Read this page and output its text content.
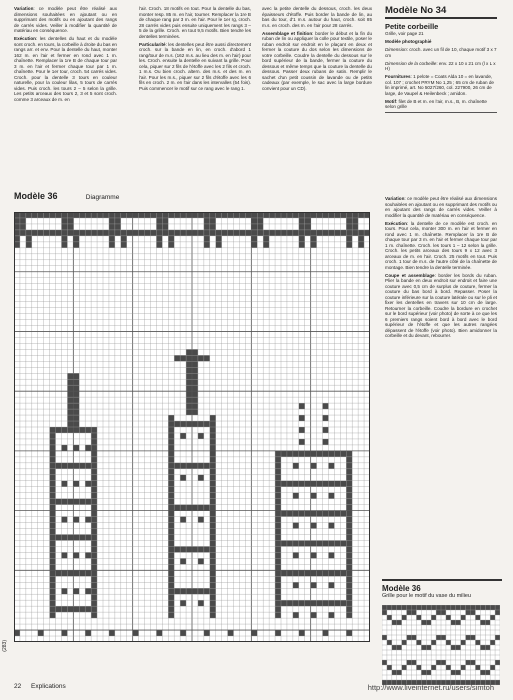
Variation: ce modèle peut être réalisé aux dimensions souhaitées en ajoutant ou en supprimant des motifs ou en ajoutant des rangs de carrés vides. Veiller à modifier la quantité de matériau en conséquence.

Exécution: les dentelles du haut et du modèle sont croch. en tours, la corbeille à droite du bas en rangs arr. et env. Pour la dentelle du haut, monter 162 m. en l'air et fermer en rond avec 1 m. chaînette. Remplacer la 1re B de chaque tour par 3 m. en l'air et fermer chaque tour par 1 m. chaînette. Pour le 1er tour, croch. 54 carrés vides. Croch. pour la dentelle 3 tours en couleur naturelle, pour la couleur lilas, 5 tours de carrés vides. Puis croch. les tours 2 – 5 selon la grille. Les petits arceaux des tours 2, 3 et 5 sont croch. comme 3 arceaux de m. en

l'air. Croch. 18 motifs en tout. Pour la dentelle du bas, monter resp. 85 m. en l'air, tourner. Remplacer la 1re B de chaque rang par 3 m. en l'air. Pour le 1er rg, croch. 28 carrés vides puis ensuite uniquement les rangs 3 – 5 de la grille. Croch. en tout 9,5 motifs. Bien tendre les dentelles terminées.

Particularité: les dentelles peut être aussi directement croch. sur la bande en lin, en croch. d'abord 1 rang/tour de m.s. (162 m.s. au lieu des m. en l'air) pour les. Croch. ensuite la dentelle en suivant la grille. Pour cela, piquer sur 2 fils de l'étoffe avec les 2 fils et croch. 1 m.s. Ou bien croch. altern. des m.s. et des m. en l'air. Pour les m.s., piquer sur 2 fils d'étoffe avec les 6 fils en croch. 2 m. en l'air dans les intervalles (54 fois). Puis commencer le motif sur ce rang avec le rang 1.

avec la petite dentelle du dessous, croch. les deux épaisseurs d'étoffe. Puis border la bande de lin, au bas du tour, d'1 m.s. autour du haut, croch. soit 85 m.s. en croch. des m. en l'air pour 28 carrés.

Assemblage et finition: border le début et la fin du ruban de lin ou appliquer la colle pour textile, poser le ruban endroit sur endroit en le plaçant en deux et fermer la couture du dos selon les dimensions de votre corbeille. Coudre la dentelle du dessous sur le bord supérieur de la bande, fermer la couture du dessous et même temps que la couture la dentelle du dessous. Passer deux rubans de satin. Remplir le sachet d'un petit coussin de lavande ou de petits cadeaux (par exemple, le sac avec la large bordure convient pour un CD).

Modèle No 34
Petite corbeille

Grille, voir page 21

Modèle photographié

Dimension: croch. avec un fil de 10, chaque motif 3 x 7 cm

Dimension de la corbeille: env. 22 x 10 x 21 cm (l x L x H)

Fournitures: 1 pelote = Coats Alda 10 = en lavande, col. 107 ; crochet PRYM No 1,25 ; 65 cm de ruban de lin imprimé, art. No 5027/260, col. 227900, 26 cm de large, de Vaupel & Heilenbeck ; amidon.

Motif: filet de B et m. en l'air, m.s., B, m. chaînette selon grille

Variation: ce modèle peut être réalisé aux dimensions souhaitées en ajoutant ou en supprimant des motifs ou en ajoutant des rangs de carrés vides. Veiller à modifier la quantité de matériau en conséquence.

Exécution: la dentelle de ce modèle est croch. en tours. Pour cela, monter 300 m. en l'air et fermer en rond avec 1 m. chaînette. Remplacer la 1re B de chaque tour par 3 m. en l'air et fermer chaque tour par 1 m. chaînette. Croch. les tours 1 – 12 selon la grille. Croch. les petits arceaux des tours 9 x 12 avec 3 arceaux de m. en l'air. Croch. 25 motifs en tout. Puis croch. 1 tour de m.s. de l'autre côté de la chaînette de montage. Bien tendre la dentelle terminée.

Coupe et assemblage: border les bords du ruban. Plier la bande en deux endroit sur endroit et faire une couture avec 0,5 cm de surplus de couture, fermer la couture du bas bord à bord. Repasser. Poser la couture inférieure sur la couture latérale ou sur le pli et fixer les dentelles en travers sur 10 cm de large. Retourner la corbeille. Coudre la bordure en crochet sur le bord supérieur (voir photo) de sorte à ce que les 6 premiers rangs soient bord à bord avec le bord supérieur de l'étoffe et que les autres rangées dépassent de l'étoffe (voir photo). Bien amidonner la corbeille et du devant, rebourrer.

Modèle 36	Diagramme
(283)
Modèle 36
Grille pour le motif du vase du milieu
22 Explications	http://www.liveinternet.ru/users/simtoh
